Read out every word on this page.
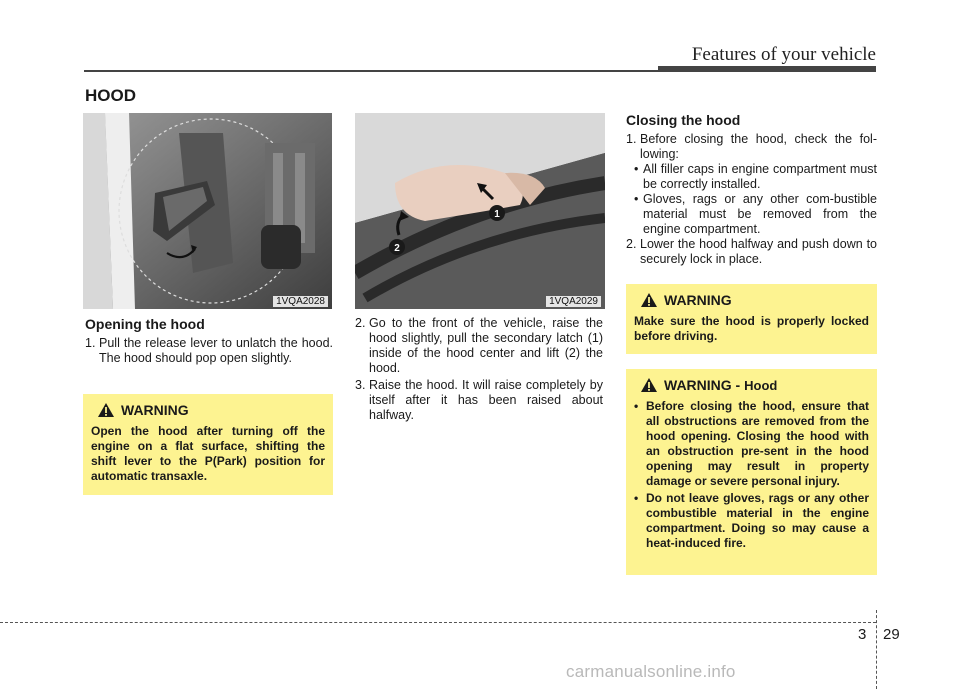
Features of your vehicle
HOOD
1VQA2028
1
2
1VQA2029
Opening the hood
1. Pull the release lever to unlatch the hood. The hood should pop open slightly.
WARNING
Open the hood after turning off the engine on a flat surface, shifting the shift lever to the P(Park) position for automatic transaxle.
2. Go to the front of the vehicle, raise the hood slightly, pull the secondary latch (1) inside of the hood center and lift (2) the hood.
3. Raise the hood. It will raise completely by itself after it has been raised about halfway.
Closing the hood
1. Before closing the hood, check the fol-lowing:
• All filler caps in engine compartment must be correctly installed.
• Gloves, rags or any other com-bustible material must be removed from the engine compartment.
2. Lower the hood halfway and push down to securely lock in place.
WARNING
Make sure the hood is properly locked before driving.
WARNING - Hood
• Before closing the hood, ensure that all obstructions are removed from the hood opening. Closing the hood with an obstruction pre-sent in the hood opening may result in property damage or severe personal injury.
• Do not leave gloves, rags or any other combustible material in the engine compartment. Doing so may cause a heat-induced fire.
3 29
carmanualsonline.info
